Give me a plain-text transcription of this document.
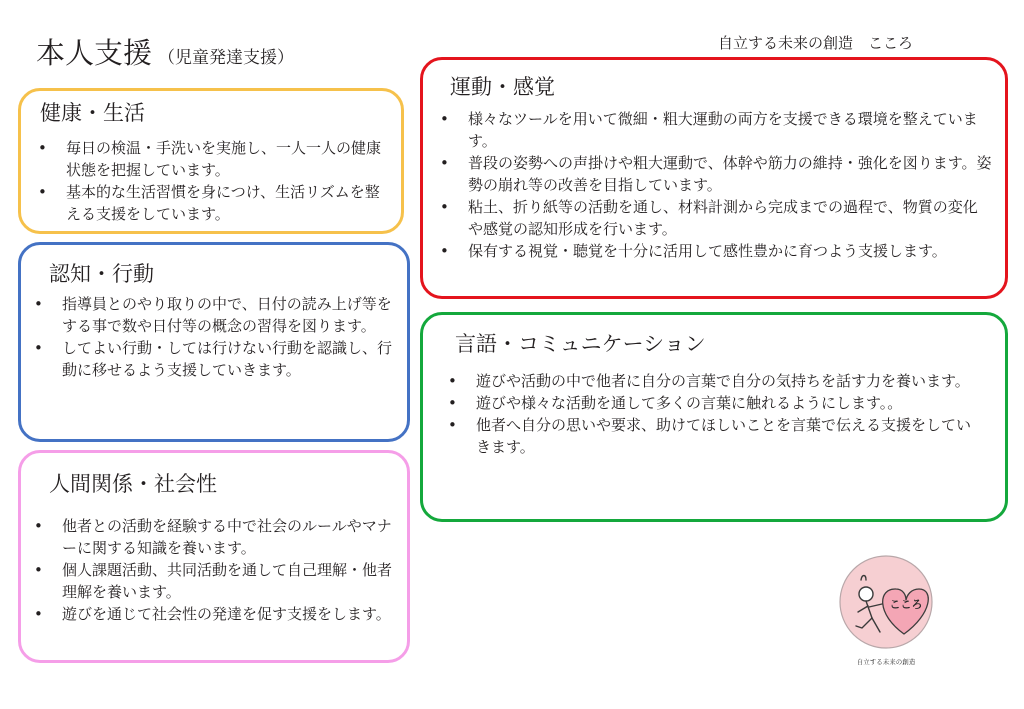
本人支援 （児童発達支援）
自立する未来の創造　こころ
健康・生活
• 毎日の検温・手洗いを実施し、一人一人の健康状態を把握しています。
• 基本的な生活習慣を身につけ、生活リズムを整える支援をしています。
認知・行動
• 指導員とのやり取りの中で、日付の読み上げ等をする事で数や日付等の概念の習得を図ります。
• してよい行動・しては行けない行動を認識し、行動に移せるよう支援していきます。
人間関係・社会性
• 他者との活動を経験する中で社会のルールやマナーに関する知識を養います。
• 個人課題活動、共同活動を通して自己理解・他者理解を養います。
• 遊びを通じて社会性の発達を促す支援をします。
運動・感覚
• 様々なツールを用いて微細・粗大運動の両方を支援できる環境を整えています。
• 普段の姿勢への声掛けや粗大運動で、体幹や筋力の維持・強化を図ります。姿勢の崩れ等の改善を目指しています。
• 粘土、折り紙等の活動を通し、材料計測から完成までの過程で、物質の変化や感覚の認知形成を行います。
• 保有する視覚・聴覚を十分に活用して感性豊かに育つよう支援します。
言語・コミュニケーション
• 遊びや活動の中で他者に自分の言葉で自分の気持ちを話す力を養います。
• 遊びや様々な活動を通して多くの言葉に触れるようにします。。
• 他者へ自分の思いや要求、助けてほしいことを言葉で伝える支援をしていきます。
こころ
自立する未来の創造
